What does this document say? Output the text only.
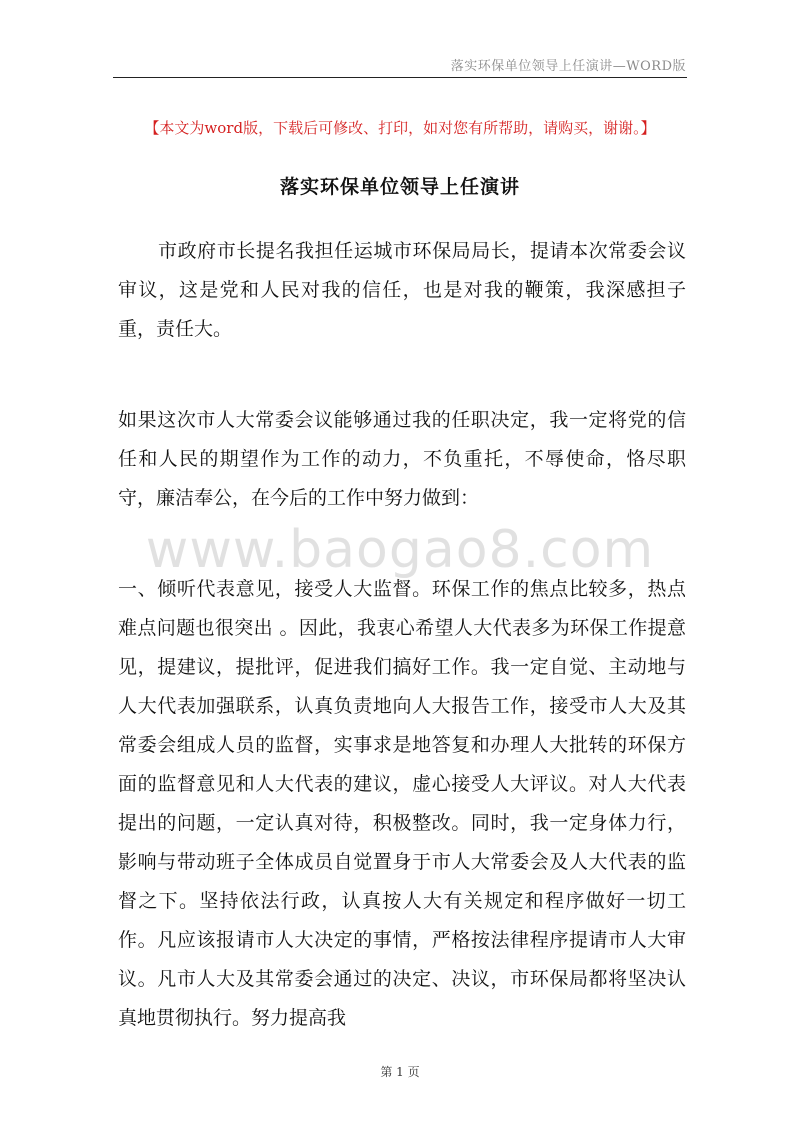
落实环保单位领导上任演讲—WORD版
【本文为word版，下载后可修改、打印，如对您有所帮助，请购买，谢谢。】
落实环保单位领导上任演讲

市政府市长提名我担任运城市环保局局长，提请本次常委会议审议，这是党和人民对我的信任，也是对我的鞭策，我深感担子重，责任大。

如果这次市人大常委会议能够通过我的任职决定，我一定将党的信任和人民的期望作为工作的动力，不负重托，不辱使命，恪尽职守，廉洁奉公，在今后的工作中努力做到：

一、倾听代表意见，接受人大监督。环保工作的焦点比较多，热点难点问题也很突出 。因此，我衷心希望人大代表多为环保工作提意见，提建议，提批评，促进我们搞好工作。我一定自觉、主动地与人大代表加强联系，认真负责地向人大报告工作，接受市人大及其常委会组成人员的监督，实事求是地答复和办理人大批转的环保方面的监督意见和人大代表的建议，虚心接受人大评议。对人大代表提出的问题，一定认真对待，积极整改。同时，我一定身体力行，影响与带动班子全体成员自觉置身于市人大常委会及人大代表的监督之下。坚持依法行政，认真按人大有关规定和程序做好一切工作。凡应该报请市人大决定的事情，严格按法律程序提请市人大审议。凡市人大及其常委会通过的决定、决议，市环保局都将坚决认真地贯彻执行。努力提高我

www.baogao8.com
第 1 页
